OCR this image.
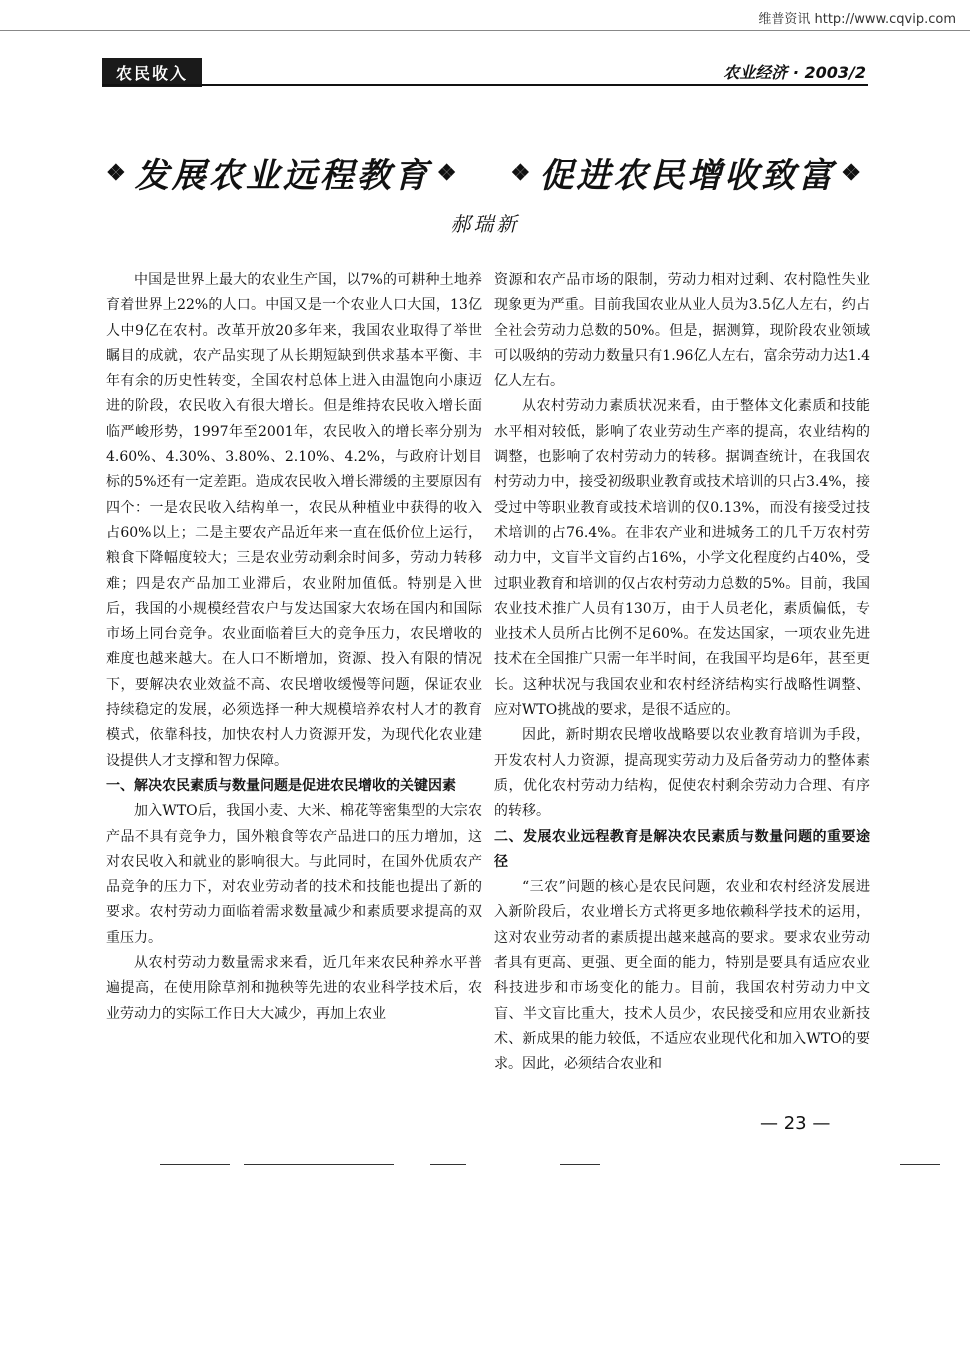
维普资讯 http://www.cqvip.com
农民收入	农业经济 · 2003/2
❖ 发展农业远程教育 ❖ ❖ 促进农民增收致富 ❖
郝瑞新

中国是世界上最大的农业生产国，以7%的可耕种土地养育着世界上22%的人口。中国又是一个农业人口大国，13亿人中9亿在农村。改革开放20多年来，我国农业取得了举世瞩目的成就，农产品实现了从长期短缺到供求基本平衡、丰年有余的历史性转变，全国农村总体上进入由温饱向小康迈进的阶段，农民收入有很大增长。但是维持农民收入增长面临严峻形势，1997年至2001年，农民收入的增长率分别为4.60%、4.30%、3.80%、2.10%、4.2%，与政府计划目标的5%还有一定差距。造成农民收入增长滞缓的主要原因有四个：一是农民收入结构单一，农民从种植业中获得的收入占60%以上；二是主要农产品近年来一直在低价位上运行，粮食下降幅度较大；三是农业劳动剩余时间多，劳动力转移难；四是农产品加工业滞后，农业附加值低。特别是入世后，我国的小规模经营农户与发达国家大农场在国内和国际市场上同台竞争。农业面临着巨大的竞争压力，农民增收的难度也越来越大。在人口不断增加，资源、投入有限的情况下，要解决农业效益不高、农民增收缓慢等问题，保证农业持续稳定的发展，必须选择一种大规模培养农村人才的教育模式，依靠科技，加快农村人力资源开发，为现代化农业建设提供人才支撑和智力保障。

一、解决农民素质与数量问题是促进农民增收的关键因素

加入WTO后，我国小麦、大米、棉花等密集型的大宗农产品不具有竞争力，国外粮食等农产品进口的压力增加，这对农民收入和就业的影响很大。与此同时，在国外优质农产品竞争的压力下，对农业劳动者的技术和技能也提出了新的要求。农村劳动力面临着需求数量减少和素质要求提高的双重压力。

从农村劳动力数量需求来看，近几年来农民种养水平普遍提高，在使用除草剂和抛秧等先进的农业科学技术后，农业劳动力的实际工作日大大减少，再加上农业

资源和农产品市场的限制，劳动力相对过剩、农村隐性失业现象更为严重。目前我国农业从业人员为3.5亿人左右，约占全社会劳动力总数的50%。但是，据测算，现阶段农业领域可以吸纳的劳动力数量只有1.96亿人左右，富余劳动力达1.4亿人左右。

从农村劳动力素质状况来看，由于整体文化素质和技能水平相对较低，影响了农业劳动生产率的提高，农业结构的调整，也影响了农村劳动力的转移。据调查统计，在我国农村劳动力中，接受初级职业教育或技术培训的只占3.4%，接受过中等职业教育或技术培训的仅0.13%，而没有接受过技术培训的占76.4%。在非农产业和进城务工的几千万农村劳动力中，文盲半文盲约占16%，小学文化程度约占40%，受过职业教育和培训的仅占农村劳动力总数的5%。目前，我国农业技术推广人员有130万，由于人员老化，素质偏低，专业技术人员所占比例不足60%。在发达国家，一项农业先进技术在全国推广只需一年半时间，在我国平均是6年，甚至更长。这种状况与我国农业和农村经济结构实行战略性调整、应对WTO挑战的要求，是很不适应的。

因此，新时期农民增收战略要以农业教育培训为手段，开发农村人力资源，提高现实劳动力及后备劳动力的整体素质，优化农村劳动力结构，促使农村剩余劳动力合理、有序的转移。

二、发展农业远程教育是解决农民素质与数量问题的重要途径

“三农”问题的核心是农民问题，农业和农村经济发展进入新阶段后，农业增长方式将更多地依赖科学技术的运用，这对农业劳动者的素质提出越来越高的要求。要求农业劳动者具有更高、更强、更全面的能力，特别是要具有适应农业科技进步和市场变化的能力。目前，我国农村劳动力中文盲、半文盲比重大，技术人员少，农民接受和应用农业新技术、新成果的能力较低，不适应农业现代化和加入WTO的要求。因此，必须结合农业和

— 23 —
